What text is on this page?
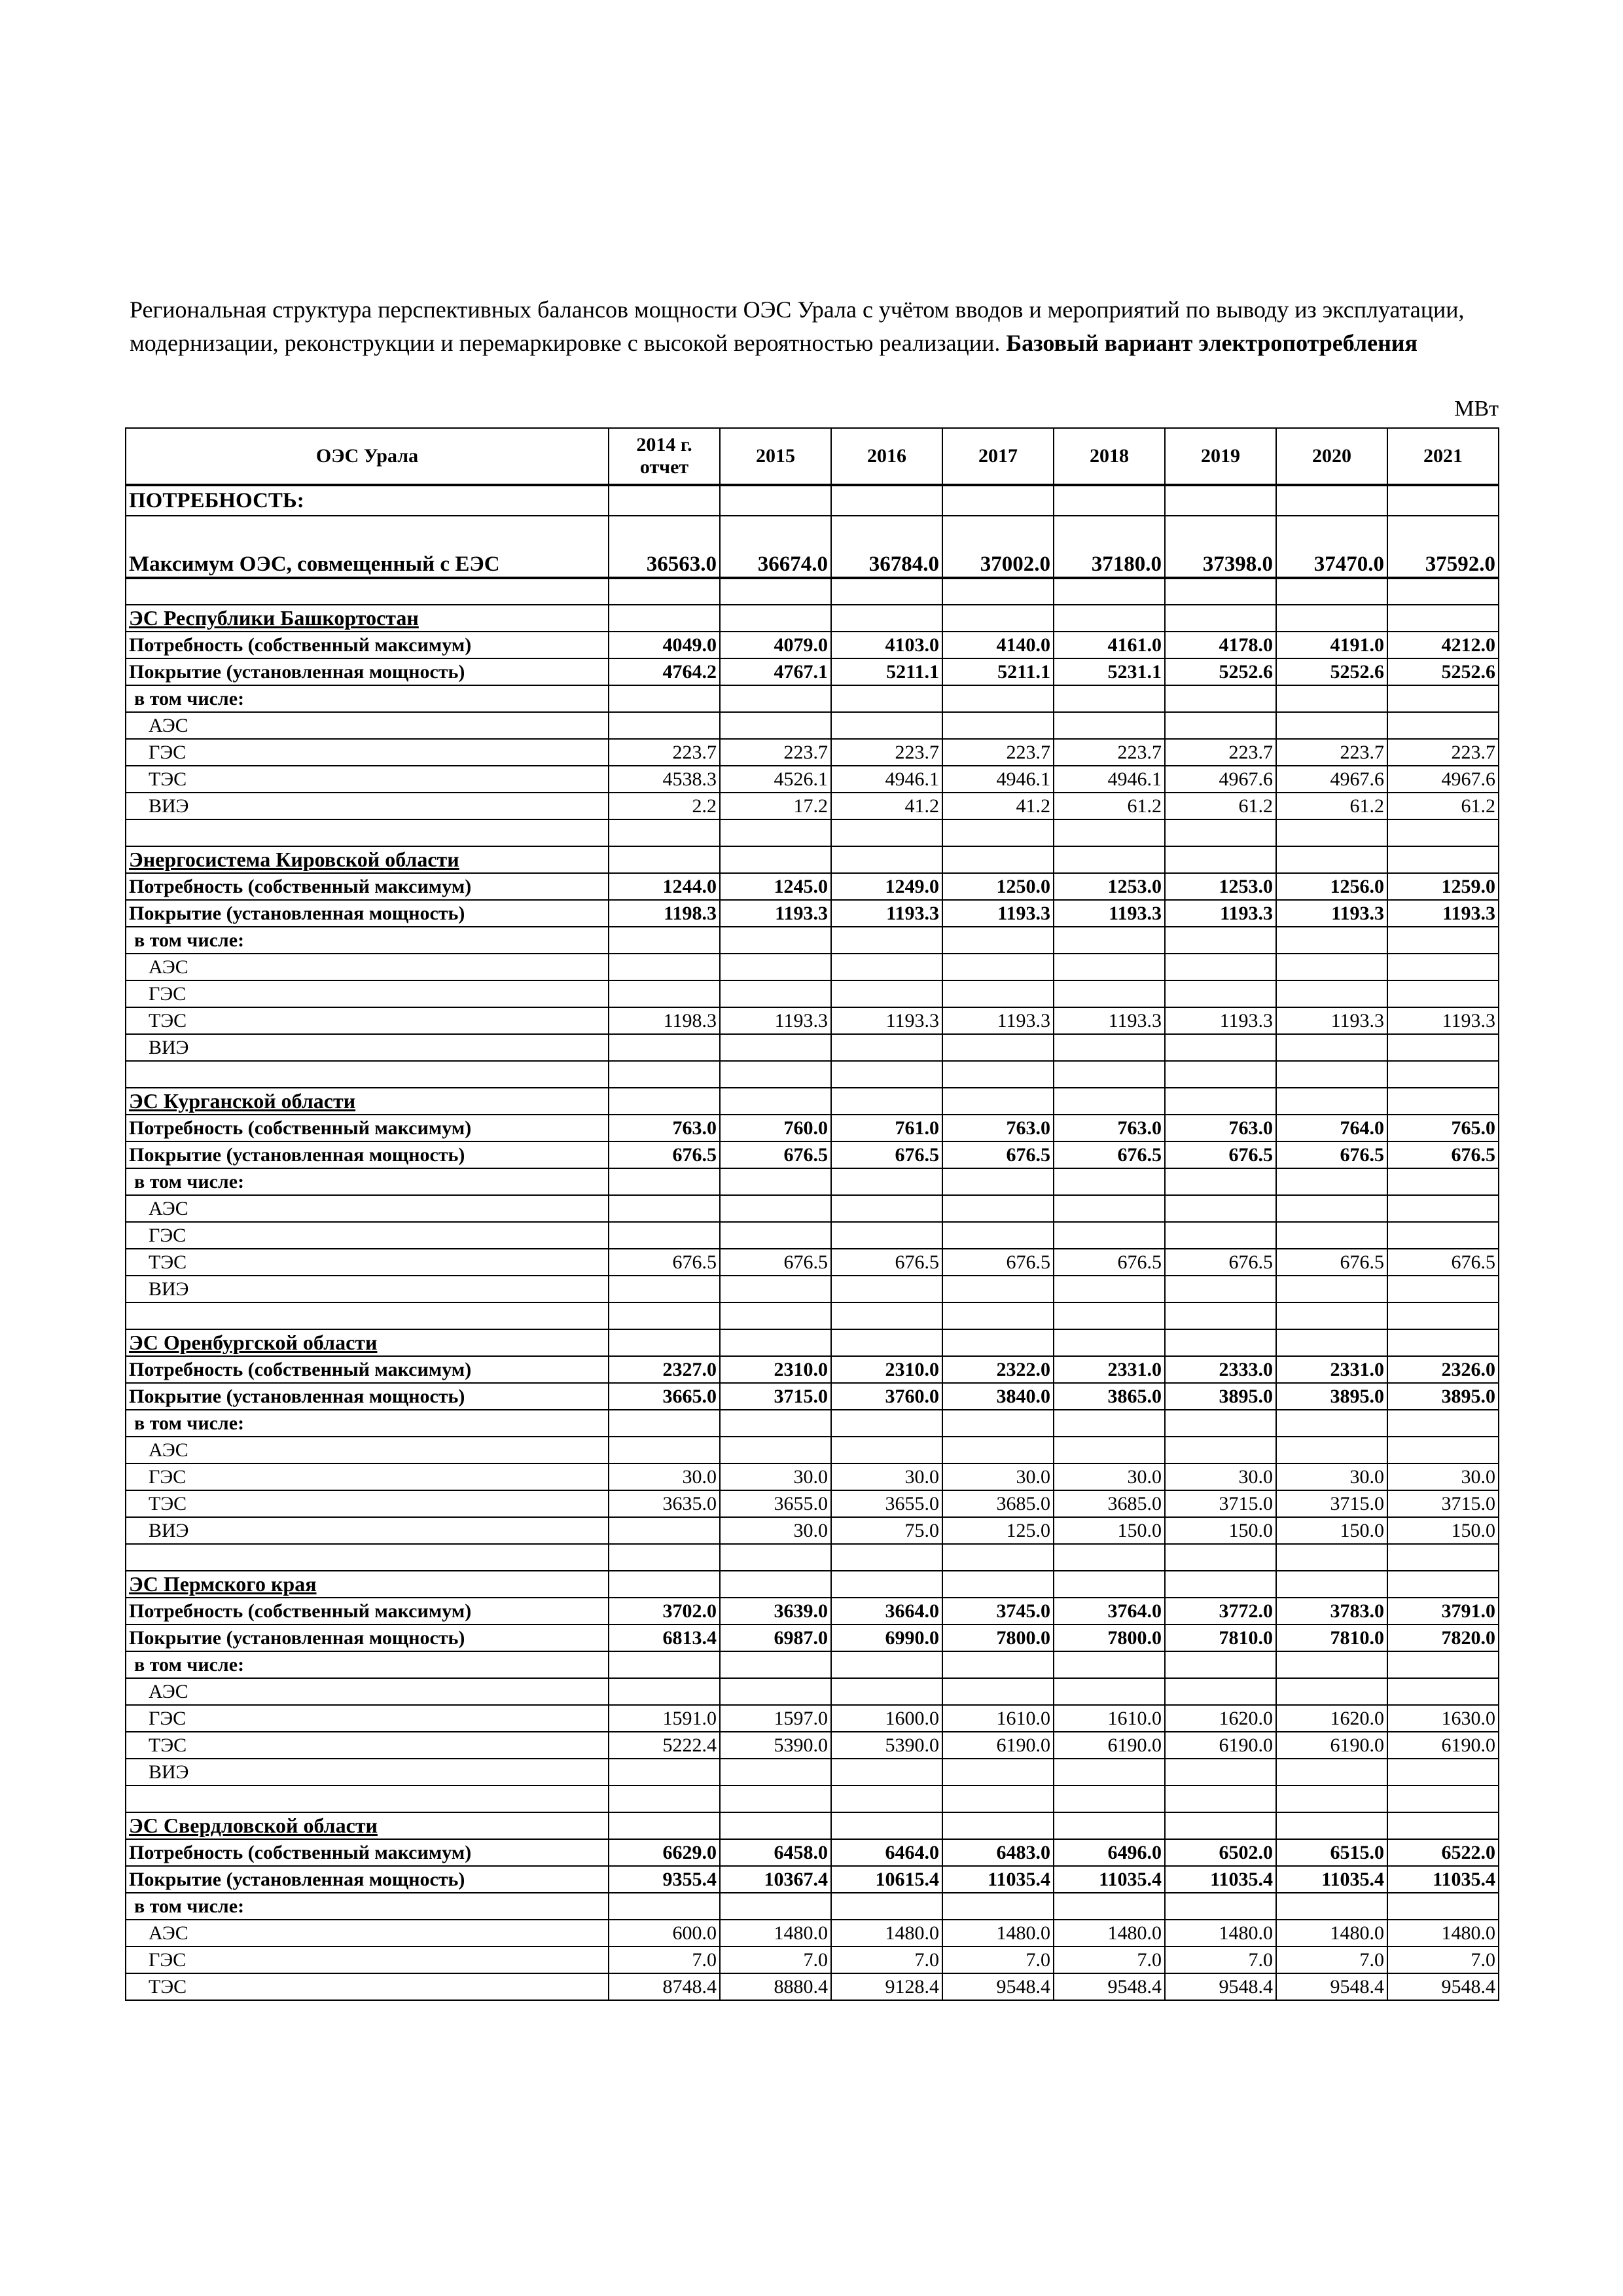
Региональная структура перспективных балансов мощности ОЭС Урала с учётом вводов и мероприятий по выводу из эксплуатации, модернизации, реконструкции и перемаркировке с высокой вероятностью реализации. Базовый вариант электропотребления
МВт
ОЭС Урала	2014 г. отчет	2015	2016	2017	2018	2019	2020	2021
ПОТРЕБНОСТЬ:								
Максимум ОЭС, совмещенный с ЕЭС	36563.0	36674.0	36784.0	37002.0	37180.0	37398.0	37470.0	37592.0

ЭС Республики Башкортостан								
Потребность (собственный максимум)	4049.0	4079.0	4103.0	4140.0	4161.0	4178.0	4191.0	4212.0
Покрытие (установленная мощность)	4764.2	4767.1	5211.1	5211.1	5231.1	5252.6	5252.6	5252.6
в том числе:								
АЭС								
ГЭС	223.7	223.7	223.7	223.7	223.7	223.7	223.7	223.7
ТЭС	4538.3	4526.1	4946.1	4946.1	4946.1	4967.6	4967.6	4967.6
ВИЭ	2.2	17.2	41.2	41.2	61.2	61.2	61.2	61.2

Энергосистема Кировской области								
Потребность (собственный максимум)	1244.0	1245.0	1249.0	1250.0	1253.0	1253.0	1256.0	1259.0
Покрытие (установленная мощность)	1198.3	1193.3	1193.3	1193.3	1193.3	1193.3	1193.3	1193.3
в том числе:								
АЭС								
ГЭС								
ТЭС	1198.3	1193.3	1193.3	1193.3	1193.3	1193.3	1193.3	1193.3
ВИЭ								

ЭС Курганской области								
Потребность (собственный максимум)	763.0	760.0	761.0	763.0	763.0	763.0	764.0	765.0
Покрытие (установленная мощность)	676.5	676.5	676.5	676.5	676.5	676.5	676.5	676.5
в том числе:								
АЭС								
ГЭС								
ТЭС	676.5	676.5	676.5	676.5	676.5	676.5	676.5	676.5
ВИЭ								

ЭС Оренбургской области								
Потребность (собственный максимум)	2327.0	2310.0	2310.0	2322.0	2331.0	2333.0	2331.0	2326.0
Покрытие (установленная мощность)	3665.0	3715.0	3760.0	3840.0	3865.0	3895.0	3895.0	3895.0
в том числе:								
АЭС								
ГЭС	30.0	30.0	30.0	30.0	30.0	30.0	30.0	30.0
ТЭС	3635.0	3655.0	3655.0	3685.0	3685.0	3715.0	3715.0	3715.0
ВИЭ		30.0	75.0	125.0	150.0	150.0	150.0	150.0

ЭС Пермского края								
Потребность (собственный максимум)	3702.0	3639.0	3664.0	3745.0	3764.0	3772.0	3783.0	3791.0
Покрытие (установленная мощность)	6813.4	6987.0	6990.0	7800.0	7800.0	7810.0	7810.0	7820.0
в том числе:								
АЭС								
ГЭС	1591.0	1597.0	1600.0	1610.0	1610.0	1620.0	1620.0	1630.0
ТЭС	5222.4	5390.0	5390.0	6190.0	6190.0	6190.0	6190.0	6190.0
ВИЭ								

ЭС Свердловской области								
Потребность (собственный максимум)	6629.0	6458.0	6464.0	6483.0	6496.0	6502.0	6515.0	6522.0
Покрытие (установленная мощность)	9355.4	10367.4	10615.4	11035.4	11035.4	11035.4	11035.4	11035.4
в том числе:								
АЭС	600.0	1480.0	1480.0	1480.0	1480.0	1480.0	1480.0	1480.0
ГЭС	7.0	7.0	7.0	7.0	7.0	7.0	7.0	7.0
ТЭС	8748.4	8880.4	9128.4	9548.4	9548.4	9548.4	9548.4	9548.4
